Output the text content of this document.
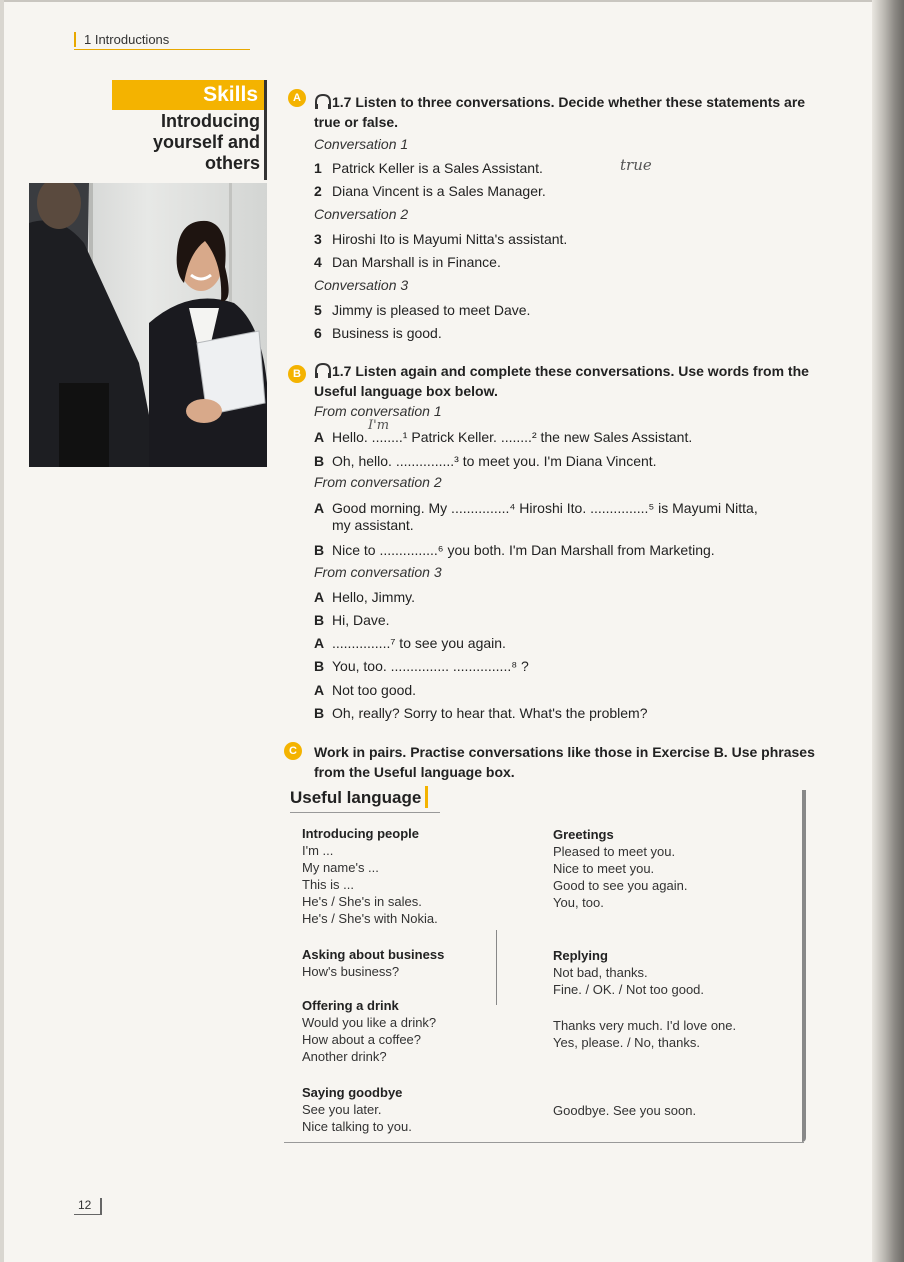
1 Introductions
Skills
Introducing
yourself and
others
A	1.7 Listen to three conversations. Decide whether these statements are
true or false.
Conversation 1
1 Patrick Keller is a Sales Assistant.	true
2 Diana Vincent is a Sales Manager.
Conversation 2
3 Hiroshi Ito is Mayumi Nitta's assistant.
4 Dan Marshall is in Finance.
Conversation 3
5 Jimmy is pleased to meet Dave.
6 Business is good.
B	1.7 Listen again and complete these conversations. Use words from the
Useful language box below.
From conversation 1
I'm
A Hello. ........¹ Patrick Keller. ........² the new Sales Assistant.
B Oh, hello. ...............³ to meet you. I'm Diana Vincent.
From conversation 2
A Good morning. My ...............⁴ Hiroshi Ito. ...............⁵ is Mayumi Nitta,
my assistant.
B Nice to ...............⁶ you both. I'm Dan Marshall from Marketing.
From conversation 3
A Hello, Jimmy.
B Hi, Dave.
A ...............⁷ to see you again.
B You, too. ............... ...............⁸ ?
A Not too good.
B Oh, really? Sorry to hear that. What's the problem?
C	Work in pairs. Practise conversations like those in Exercise B. Use phrases
from the Useful language box.
Useful language
Introducing people
I'm ...
My name's ...
This is ...
He's / She's in sales.
He's / She's with Nokia.
Asking about business
How's business?
Offering a drink
Would you like a drink?
How about a coffee?
Another drink?
Saying goodbye
See you later.
Nice talking to you.
Greetings
Pleased to meet you.
Nice to meet you.
Good to see you again.
You, too.
Replying
Not bad, thanks.
Fine. / OK. / Not too good.
Thanks very much. I'd love one.
Yes, please. / No, thanks.
Goodbye. See you soon.
12
